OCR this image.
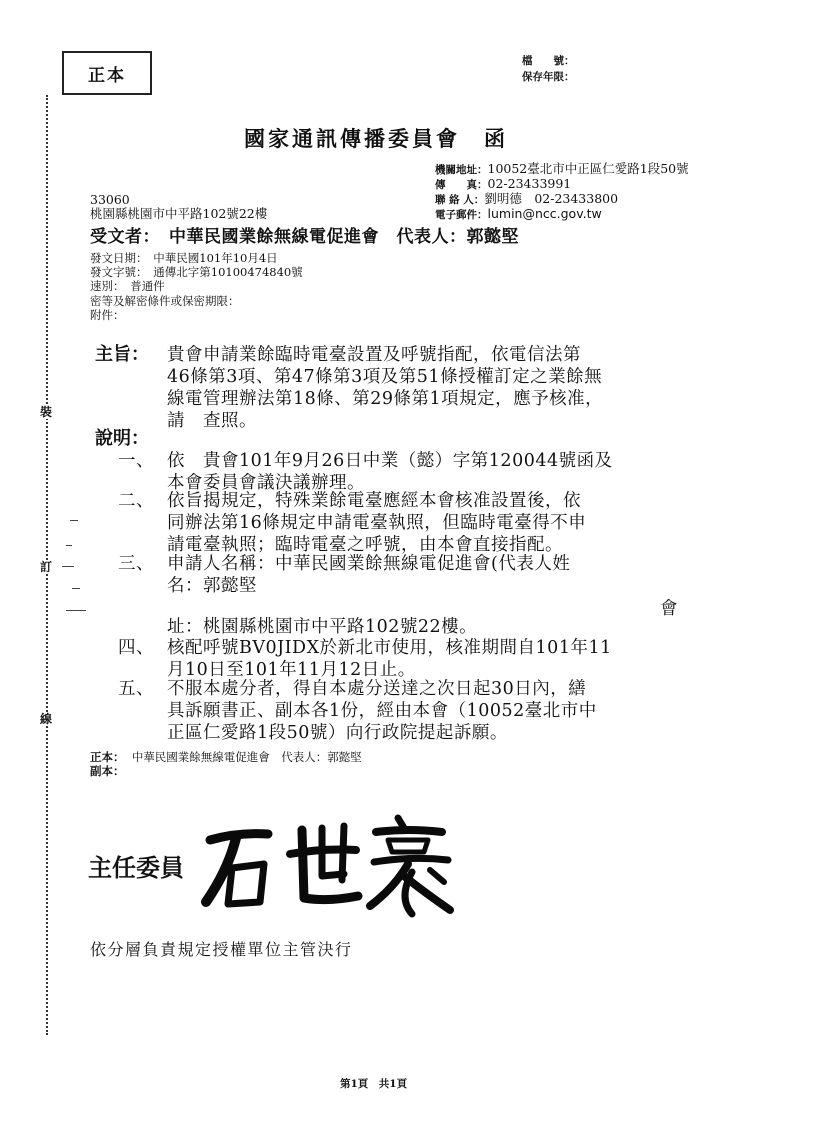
裝
訂
線
正本
檔　　號：
保存年限：
國家通訊傳播委員會　函
機關地址：10052臺北市中正區仁愛路1段50號
傳　　真：02-23433991
聯 絡 人：劉明德　02-23433800
電子郵件：lumin@ncc.gov.tw
33060
桃園縣桃園市中平路102號22樓
受文者：　中華民國業餘無線電促進會　代表人：郭懿堅
發文日期：　中華民國101年10月4日
發文字號：　通傳北字第10100474840號
速別：　普通件
密等及解密條件或保密期限：
附件：
主旨： 貴會申請業餘臨時電臺設置及呼號指配，依電信法第
46條第3項、第47條第3項及第51條授權訂定之業餘無
線電管理辦法第18條、第29條第1項規定，應予核准，
請　查照。
說明：
一、 依　貴會101年9月26日中業（懿）字第120044號函及
本會委員會議決議辦理。
二、 依旨揭規定，特殊業餘電臺應經本會核准設置後，依
同辦法第16條規定申請電臺執照，但臨時電臺得不申
請電臺執照；臨時電臺之呼號，由本會直接指配。
三、 申請人名稱：中華民國業餘無線電促進會(代表人姓
名：郭懿堅
會
址：桃園縣桃園市中平路102號22樓。
四、 核配呼號BV0JIDX於新北市使用，核准期間自101年11
月10日至101年11月12日止。
五、 不服本處分者，得自本處分送達之次日起30日內，繕
具訴願書正、副本各1份，經由本會（10052臺北市中
正區仁愛路1段50號）向行政院提起訴願。
正本： 中華民國業餘無線電促進會　代表人：郭懿堅
副本：
主任委員
依分層負責規定授權單位主管決行
第1頁　共1頁
